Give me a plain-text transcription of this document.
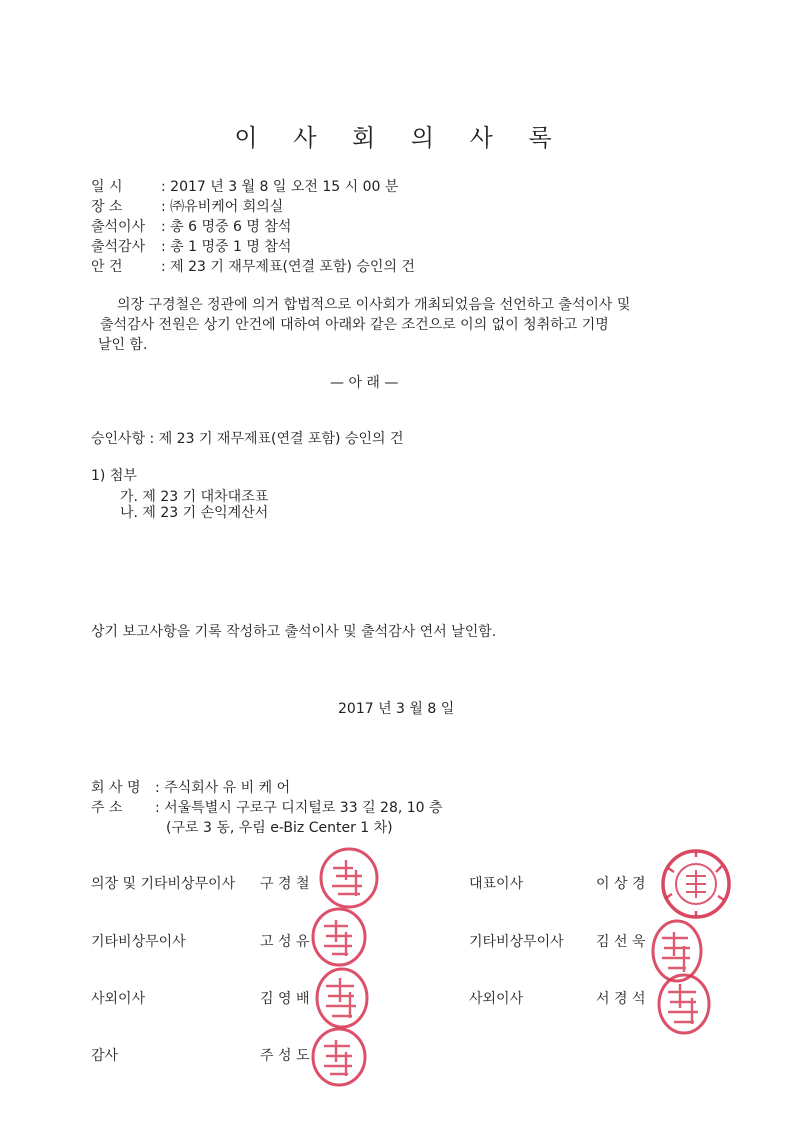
이 사 회 의 사 록
일 시	: 2017 년 3 월 8 일 오전 15 시 00 분
장 소	: ㈜유비케어 회의실
출석이사 : 총 6 명중 6 명 참석
출석감사 : 총 1 명중 1 명 참석
안 건	: 제 23 기 재무제표(연결 포함) 승인의 건
의장 구경철은 정관에 의거 합법적으로 이사회가 개최되었음을 선언하고 출석이사 및
출석감사 전원은 상기 안건에 대하여 아래와 같은 조건으로 이의 없이 청취하고 기명
날인 함.
— 아 래 —
승인사항 : 제 23 기 재무제표(연결 포함) 승인의 건
1) 첨부
가. 제 23 기 대차대조표
나. 제 23 기 손익계산서
상기 보고사항을 기록 작성하고 출석이사 및 출석감사 연서 날인함.
2017 년 3 월 8 일
회 사 명 : 주식회사 유 비 케 어
주 소 : 서울특별시 구로구 디지털로 33 길 28, 10 층
(구로 3 동, 우림 e-Biz Center 1 차)
의장 및 기타비상무이사 구 경 철	대표이사	이 상 경
기타비상무이사	고 성 유	기타비상무이사 김 선 욱
사외이사	김 영 배	사외이사	서 경 석
감사	주 성 도
